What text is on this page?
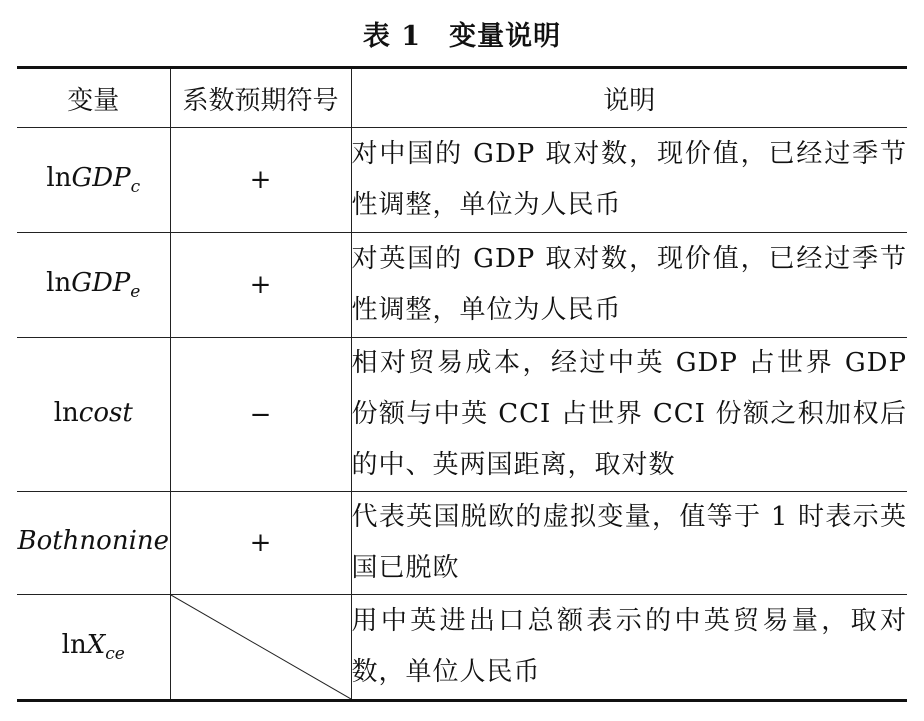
表 1 变量说明
变量	系数预期符号	说明
lnGDP$_c$	+	对中国的 GDP 取对数，现价值，已经过季节性调整，单位为人民币
lnGDP$_e$	+	对英国的 GDP 取对数，现价值，已经过季节性调整，单位为人民币
lncost	−	相对贸易成本，经过中英 GDP 占世界 GDP 份额与中英 CCI 占世界 CCI 份额之积加权后的中、英两国距离，取对数
Bothnonine	+	代表英国脱欧的虚拟变量，值等于 1 时表示英国已脱欧
lnX$_{ce}$		用中英进出口总额表示的中英贸易量，取对数，单位人民币
